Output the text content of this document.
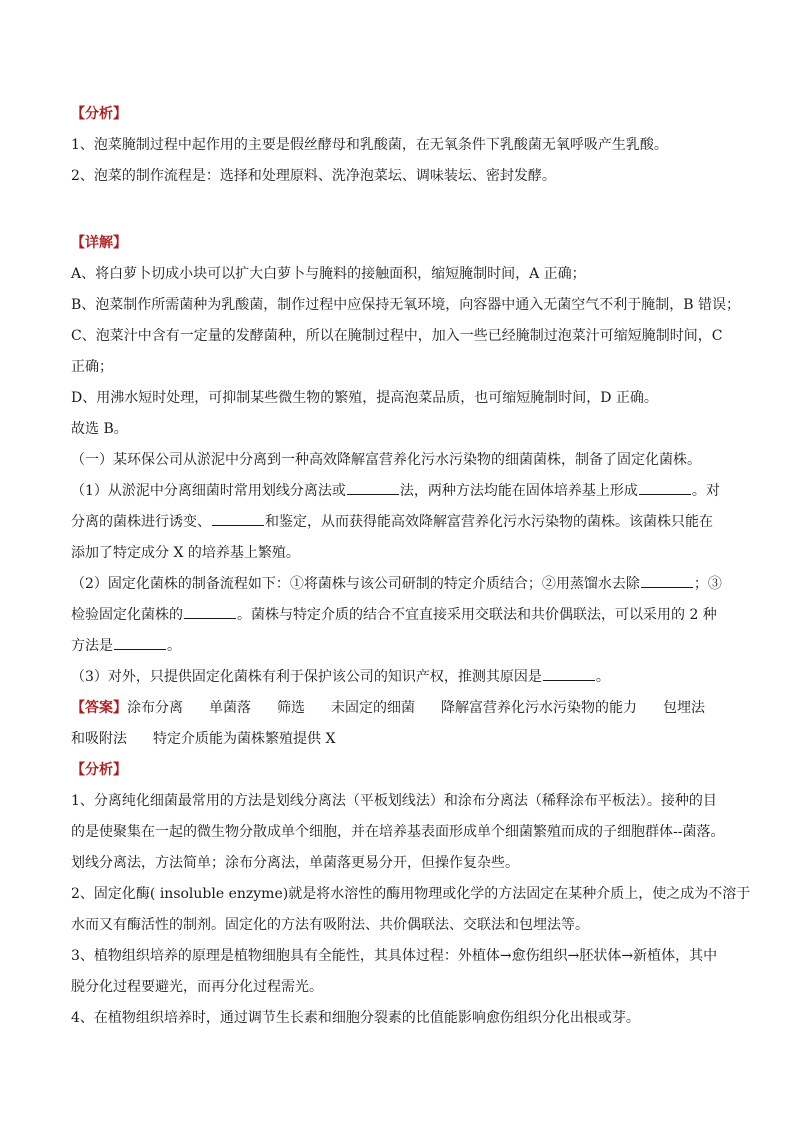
【分析】
1、泡菜腌制过程中起作用的主要是假丝酵母和乳酸菌，在无氧条件下乳酸菌无氧呼吸产生乳酸。
2、泡菜的制作流程是：选择和处理原料、洗净泡菜坛、调味装坛、密封发酵。
【详解】
A、将白萝卜切成小块可以扩大白萝卜与腌料的接触面积，缩短腌制时间，A 正确；
B、泡菜制作所需菌种为乳酸菌，制作过程中应保持无氧环境，向容器中通入无菌空气不利于腌制，B 错误；
C、泡菜汁中含有一定量的发酵菌种，所以在腌制过程中，加入一些已经腌制过泡菜汁可缩短腌制时间，C
正确；
D、用沸水短时处理，可抑制某些微生物的繁殖，提高泡菜品质，也可缩短腌制时间，D 正确。
故选 B。
（一）某环保公司从淤泥中分离到一种高效降解富营养化污水污染物的细菌菌株，制备了固定化菌株。
（1）从淤泥中分离细菌时常用划线分离法或	法，两种方法均能在固体培养基上形成	。对
分离的菌株进行诱变、	和鉴定，从而获得能高效降解富营养化污水污染物的菌株。该菌株只能在
添加了特定成分 X 的培养基上繁殖。
（2）固定化菌株的制备流程如下：①将菌株与该公司研制的特定介质结合；②用蒸馏水去除	；③
检验固定化菌株的	。菌株与特定介质的结合不宜直接采用交联法和共价偶联法，可以采用的 2 种
方法是	。
（3）对外，只提供固定化菌株有利于保护该公司的知识产权，推测其原因是	。
【答案】涂布分离 单菌落 筛选 未固定的细菌 降解富营养化污水污染物的能力 包埋法
和吸附法 特定介质能为菌株繁殖提供 X
【分析】
1、分离纯化细菌最常用的方法是划线分离法（平板划线法）和涂布分离法（稀释涂布平板法）。接种的目
的是使聚集在一起的微生物分散成单个细胞，并在培养基表面形成单个细菌繁殖而成的子细胞群体--菌落。
划线分离法，方法简单；涂布分离法，单菌落更易分开，但操作复杂些。
2、固定化酶( insoluble enzyme)就是将水溶性的酶用物理或化学的方法固定在某种介质上，使之成为不溶于
水而又有酶活性的制剂。固定化的方法有吸附法、共价偶联法、交联法和包埋法等。
3、植物组织培养的原理是植物细胞具有全能性，其具体过程：外植体→愈伤组织→胚状体→新植体，其中
脱分化过程要避光，而再分化过程需光。
4、在植物组织培养时，通过调节生长素和细胞分裂素的比值能影响愈伤组织分化出根或芽。
